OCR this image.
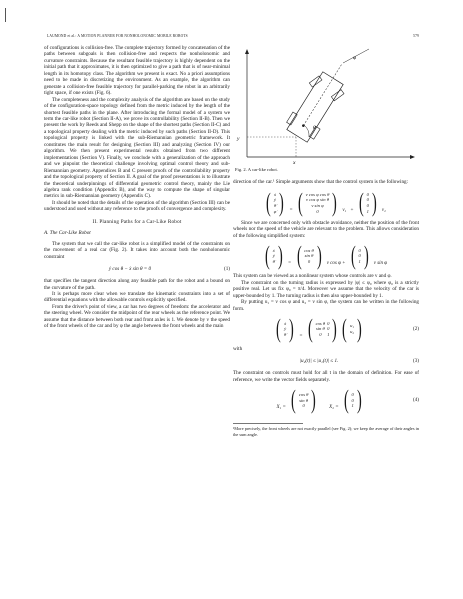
LAUMOND et al.: A MOTION PLANNER FOR NONHOLONOMIC MOBILE ROBOTS	579

of configurations is collision-free. The complete trajectory formed by concatenation of the paths between subgoals is then collision-free and respects the nonholonomic and curvature constraints. Because the resultant feasible trajectory is highly dependent on the initial path that it approximates, it is then optimized to give a path that is of near-minimal length in its homotopy class. The algorithm we present is exact. No a priori assumptions need to be made in discretizing the environment. As an example, the algorithm can generate a collision-free feasible trajectory for parallel-parking the robot in an arbitrarily tight space, if one exists (Fig. 6).

The completeness and the complexity analysis of the algorithm are based on the study of the configuration-space topology defined from the metric induced by the length of the shortest feasible paths in the plane. After introducing the formal model of a system we term the car-like robot (Section II-A), we prove its controllability (Section II-B). Then we present the work by Reeds and Shepp on the shape of the shortest paths (Section II-C) and a topological property dealing with the metric induced by such paths (Section II-D). This topological property is linked with the sub-Riemannian geometric framework. It constitutes the main result for designing (Section III) and analyzing (Section IV) our algorithm. We then present experimental results obtained from two different implementations (Section V). Finally, we conclude with a generalization of the approach and we pinpoint the theoretical challenge involving optimal control theory and sub-Riemannian geometry. Appendices B and C present proofs of the controllability property and the topological property of Section II. A goal of the proof presentations is to illustrate the theoretical underpinnings of differential geometric control theory, mainly the Lie algebra rank condition (Appendix B), and the way to compute the shape of singular metrics in sub-Riemannian geometry (Appendix C).

It should be noted that the details of the operation of the algorithm (Section III) can be understood and used without any reference to the proofs of convergence and complexity.

II. Planning Paths for a Car-Like Robot
A. The Car-Like Robot

The system that we call the car-like robot is a simplified model of the constraints on the movement of a real car (Fig. 2). It takes into account both the nonholonomic constraint

ẏ cos θ − ẋ sin θ = 0	(1)

that specifies the tangent direction along any feasible path for the robot and a bound on the curvature of the path.

It is perhaps more clear when we translate the kinematic constraints into a set of differential equations with the allowable controls explicitly specified.

From the driver's point of view, a car has two degrees of freedom: the accelerator and the steering wheel. We consider the midpoint of the rear wheels as the reference point. We assume that the distance between both rear and front axles is 1. We denote by v the speed of the front wheels of the car and by φ the angle between the front wheels and the main

φ
θ
x
y
Fig. 2. A car-like robot.

direction of the car.¹ Simple arguments show that the control system is the following:

( ẋ
ẏ
θ̇
φ̇ ) = ( v cos φ cos θ
v cos φ sin θ
v sin φ
0 ) v₁ + ( 0
0
0
1 ) v₂

Since we are concerned only with obstacle avoidance, neither the position of the front wheels nor the speed of the vehicle are relevant to the problem. This allows consideration of the following simplified system:

( ẋ
ẏ
θ̇ ) = ( cos θ
sin θ
0 ) v cos φ + ( 0
0
1 ) v sin φ

This system can be viewed as a nonlinear system whose controls are v and φ.

The constraint on the turning radius is expressed by |φ| ≤ φ₀ where φ₀ is a strictly positive real. Let us fix φ₀ = π/4. Moreover we assume that the velocity of the car is upper-bounded by 1. The turning radius is then also upper-bounded by 1.

By putting u₁ = v cos φ and u₂ = v sin φ, the system can be written in the following form.

( ẋ
ẏ
θ̇ ) = ( cos θ
sin θ
0
0
0
1 )
( u₁
u₂ )	(2)

with

|u₂(t)| ≤ |u₁(t)| ≤ 1.	(3)

The constraint on controls must hold for all t in the domain of definition. For ease of reference, we write the vector fields separately.

X₁ = ( cos θ
sin θ
0 )	X₂ = ( 0
0
1 )	(4)
¹More precisely, the front wheels are not exactly parallel (see Fig. 2); we keep the average of their angles in the sum angle.
